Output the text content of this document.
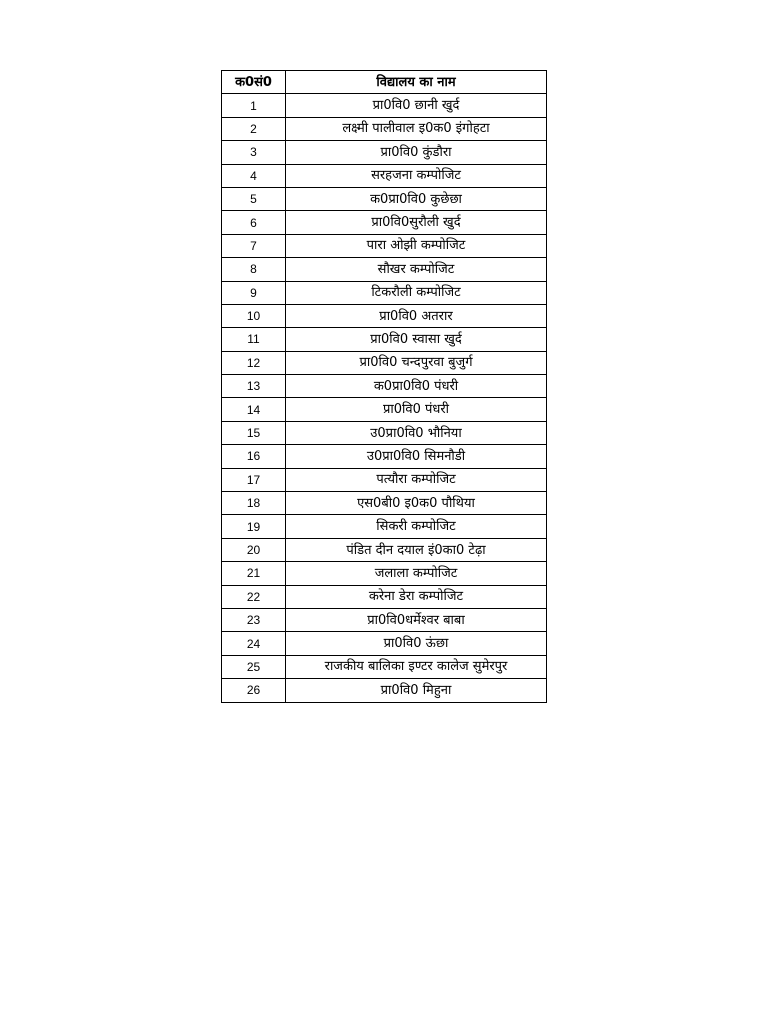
क0सं0	विद्यालय का नाम
1	प्रा0वि0 छानी खुर्द
2	लक्ष्मी पालीवाल इ0क0 इंगोहटा
3	प्रा0वि0 कुंडौरा
4	सरहजना कम्पोजिट
5	क0प्रा0वि0 कुछेछा
6	प्रा0वि0सुरौली खुर्द
7	पारा ओझी कम्पोजिट
8	सौखर कम्पोजिट
9	टिकरौली कम्पोजिट
10	प्रा0वि0 अतरार
11	प्रा0वि0 स्वासा खुर्द
12	प्रा0वि0 चन्दपुरवा बुजुर्ग
13	क0प्रा0वि0 पंधरी
14	प्रा0वि0 पंधरी
15	उ0प्रा0वि0 भौनिया
16	उ0प्रा0वि0 सिमनौडी
17	पत्यौरा कम्पोजिट
18	एस0बी0 इ0क0 पौथिया
19	सिकरी कम्पोजिट
20	पंडित दीन दयाल इं0का0 टेढ़ा
21	जलाला कम्पोजिट
22	करेना डेरा कम्पोजिट
23	प्रा0वि0धर्मेश्वर बाबा
24	प्रा0वि0 ऊंछा
25	राजकीय बालिका इण्टर कालेज सुमेरपुर
26	प्रा0वि0 मिहुना
